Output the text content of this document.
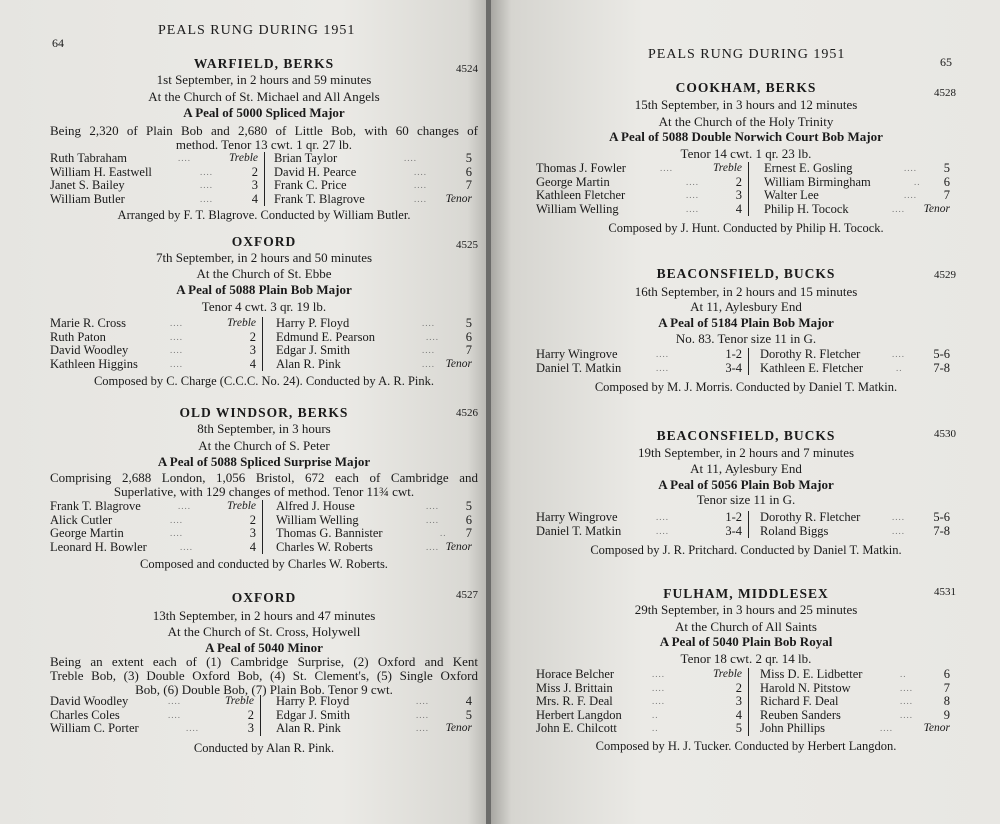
64
PEALS RUNG DURING 1951
WARFIELD, BERKS	4524
1st September, in 2 hours and 59 minutes
At the Church of St. Michael and All Angels
A Peal of 5000 Spliced Major
Being 2,320 of Plain Bob and 2,680 of Little Bob, with 60 changes of
method. Tenor 13 cwt. 1 qr. 27 lb.
Ruth Tabraham	....	Treble
William H. Eastwell	....	2
Janet S. Bailey	....	3
William Butler	....	4
Brian Taylor	....	5
David H. Pearce	....	6
Frank C. Price	....	7
Frank T. Blagrove	.... Tenor
Arranged by F. T. Blagrove. Conducted by William Butler.
OXFORD	4525
7th September, in 2 hours and 50 minutes
At the Church of St. Ebbe
A Peal of 5088 Plain Bob Major
Tenor 4 cwt. 3 qr. 19 lb.
Marie R. Cross	....	Treble
Ruth Paton	....	2
David Woodley	....	3
Kathleen Higgins	....	4
Harry P. Floyd	.... 5
Edmund E. Pearson	.... 6
Edgar J. Smith	.... 7
Alan R. Pink	.... Tenor
Composed by C. Charge (C.C.C. No. 24). Conducted by A. R. Pink.
OLD WINDSOR, BERKS	4526
8th September, in 3 hours
At the Church of S. Peter
A Peal of 5088 Spliced Surprise Major
Comprising 2,688 London, 1,056 Bristol, 672 each of Cambridge and
Superlative, with 129 changes of method. Tenor 11¾ cwt.
Frank T. Blagrove	....	Treble
Alick Cutler	....	2
George Martin	....	3
Leonard H. Bowler	....	4
Alfred J. House	.... 5
William Welling	.... 6
Thomas G. Bannister	.. 7
Charles W. Roberts	.... Tenor
Composed and conducted by Charles W. Roberts.
OXFORD	4527
13th September, in 2 hours and 47 minutes
At the Church of St. Cross, Holywell
A Peal of 5040 Minor
Being an extent each of (1) Cambridge Surprise, (2) Oxford and Kent
Treble Bob, (3) Double Oxford Bob, (4) St. Clement's, (5) Single Oxford
Bob, (6) Double Bob, (7) Plain Bob. Tenor 9 cwt.
David Woodley	....	Treble
Charles Coles	....	2
William C. Porter	....	3
Harry P. Floyd	....	4
Edgar J. Smith	....	5
Alan R. Pink	.... Tenor
Conducted by Alan R. Pink.
PEALS RUNG DURING 1951	65
COOKHAM, BERKS	4528
15th September, in 3 hours and 12 minutes
At the Church of the Holy Trinity
A Peal of 5088 Double Norwich Court Bob Major
Tenor 14 cwt. 1 qr. 23 lb.
Thomas J. Fowler	....	Treble
George Martin	....	2
Kathleen Fletcher	....	3
William Welling	....	4
Ernest E. Gosling	.... 5
William Birmingham	.. 6
Walter Lee	.... 7
Philip H. Tocock	.... Tenor
Composed by J. Hunt. Conducted by Philip H. Tocock.
BEACONSFIELD, BUCKS	4529
16th September, in 2 hours and 15 minutes
At 11, Aylesbury End
A Peal of 5184 Plain Bob Major
No. 83. Tenor size 11 in G.
Harry Wingrove	....	1-2
Daniel T. Matkin	....	3-4
Dorothy R. Fletcher	.... 5-6
Kathleen E. Fletcher	.. 7-8
Composed by M. J. Morris. Conducted by Daniel T. Matkin.
BEACONSFIELD, BUCKS	4530
19th September, in 2 hours and 7 minutes
At 11, Aylesbury End
A Peal of 5056 Plain Bob Major
Tenor size 11 in G.
Harry Wingrove	....	1-2
Daniel T. Matkin	....	3-4
Dorothy R. Fletcher	.... 5-6
Roland Biggs	.... 7-8
Composed by J. R. Pritchard. Conducted by Daniel T. Matkin.
FULHAM, MIDDLESEX	4531
29th September, in 3 hours and 25 minutes
At the Church of All Saints
A Peal of 5040 Plain Bob Royal
Tenor 18 cwt. 2 qr. 14 lb.
Horace Belcher	....	Treble
Miss J. Brittain	....	2
Mrs. R. F. Deal	....	3
Herbert Langdon	..	4
John E. Chilcott	..	5
Miss D. E. Lidbetter	..	6
Harold N. Pitstow	.... 7
Richard F. Deal	.... 8
Reuben Sanders	.... 9
John Phillips	....	Tenor
Composed by H. J. Tucker. Conducted by Herbert Langdon.
